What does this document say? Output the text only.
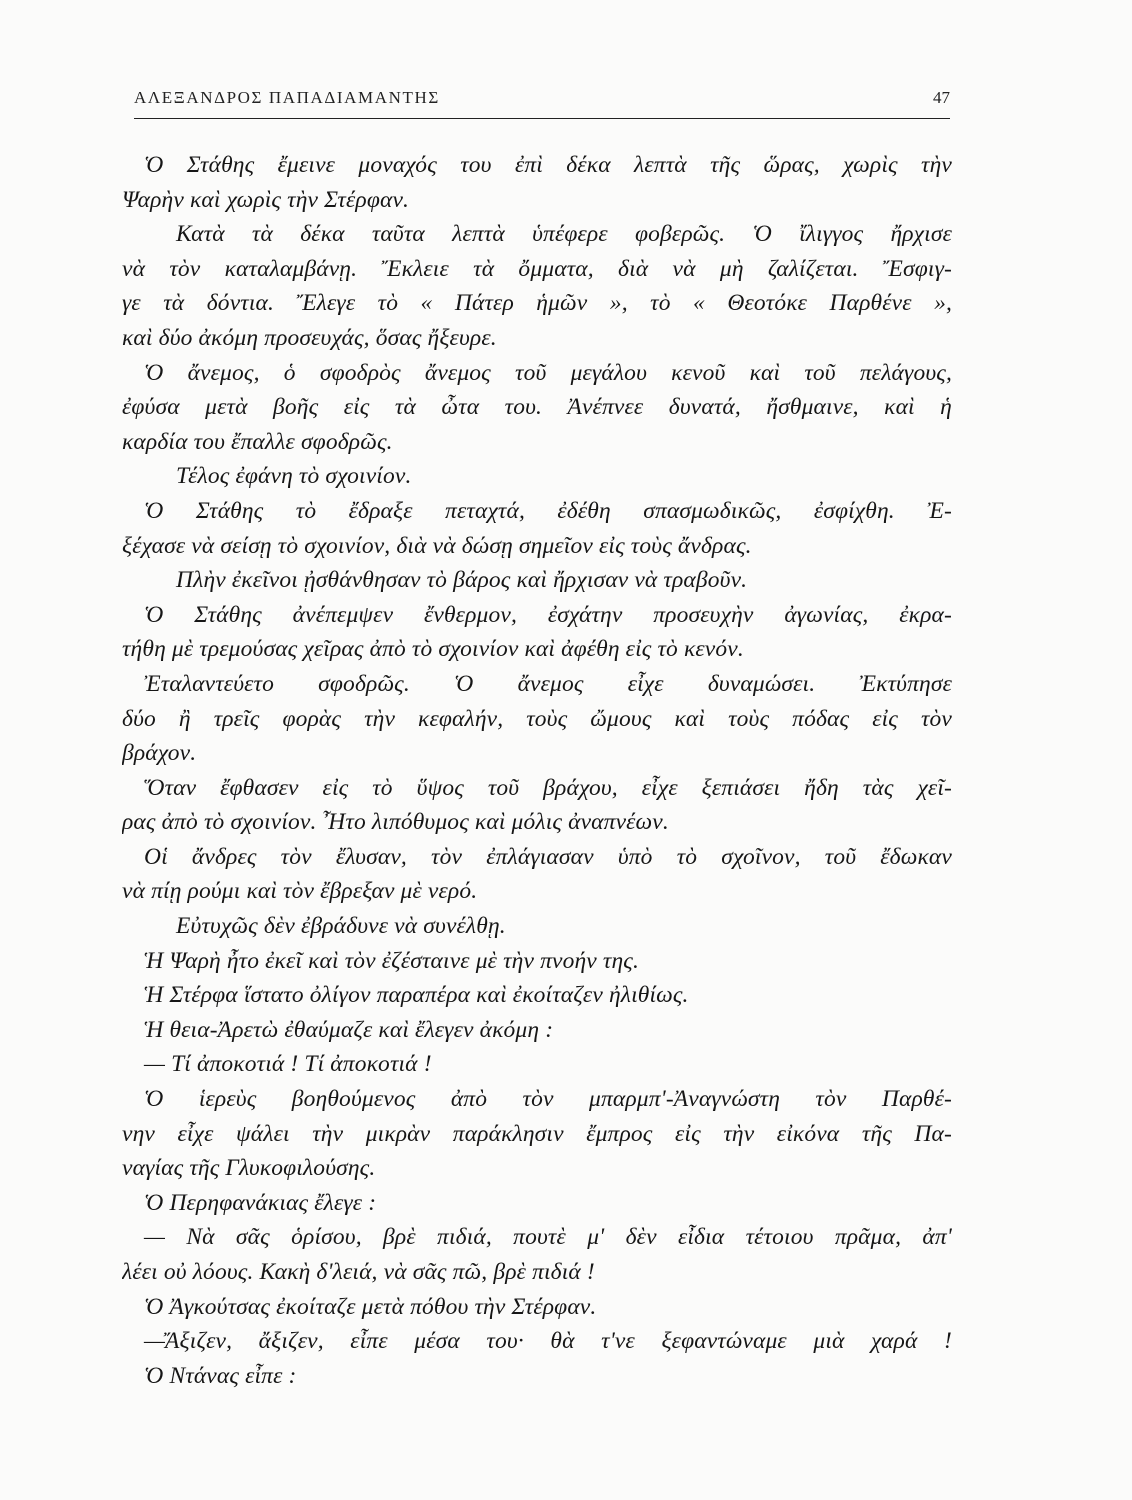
ΑΛΕΞΑΝΔΡΟΣ ΠΑΠΑΔΙΑΜΑΝΤΗΣ	47
Ὁ Στάθης ἔμεινε μοναχός του ἐπὶ δέκα λεπτὰ τῆς ὥρας, χωρὶς τὴν
Ψαρὴν καὶ χωρὶς τὴν Στέρφαν.
Κατὰ τὰ δέκα ταῦτα λεπτὰ ὑπέφερε φοβερῶς. Ὁ ἴλιγγος ἤρχισε
νὰ τὸν καταλαμβάνῃ. Ἔκλειε τὰ ὄμματα, διὰ νὰ μὴ ζαλίζεται. Ἔσφιγ-
γε τὰ δόντια. Ἔλεγε τὸ « Πάτερ ἡμῶν », τὸ « Θεοτόκε Παρθένε »,
καὶ δύο ἀκόμη προσευχάς, ὅσας ἤξευρε.
Ὁ ἄνεμος, ὁ σφοδρὸς ἄνεμος τοῦ μεγάλου κενοῦ καὶ τοῦ πελάγους,
ἐφύσα μετὰ βοῆς εἰς τὰ ὦτα του. Ἀνέπνεε δυνατά, ἤσθμαινε, καὶ ἡ
καρδία του ἔπαλλε σφοδρῶς.
Τέλος ἐφάνη τὸ σχοινίον.
Ὁ Στάθης τὸ ἔδραξε πεταχτά, ἐδέθη σπασμωδικῶς, ἐσφίχθη. Ἐ-
ξέχασε νὰ σείσῃ τὸ σχοινίον, διὰ νὰ δώσῃ σημεῖον εἰς τοὺς ἄνδρας.
Πλὴν ἐκεῖνοι ᾐσθάνθησαν τὸ βάρος καὶ ἤρχισαν νὰ τραβοῦν.
Ὁ Στάθης ἀνέπεμψεν ἔνθερμον, ἐσχάτην προσευχὴν ἀγωνίας, ἐκρα-
τήθη μὲ τρεμούσας χεῖρας ἀπὸ τὸ σχοινίον καὶ ἀφέθη εἰς τὸ κενόν.
Ἐταλαντεύετο σφοδρῶς. Ὁ ἄνεμος εἶχε δυναμώσει. Ἐκτύπησε
δύο ἢ τρεῖς φορὰς τὴν κεφαλήν, τοὺς ὤμους καὶ τοὺς πόδας εἰς τὸν
βράχον.
Ὅταν ἔφθασεν εἰς τὸ ὕψος τοῦ βράχου, εἶχε ξεπιάσει ἤδη τὰς χεῖ-
ρας ἀπὸ τὸ σχοινίον. Ἦτο λιπόθυμος καὶ μόλις ἀναπνέων.
Οἱ ἄνδρες τὸν ἔλυσαν, τὸν ἐπλάγιασαν ὑπὸ τὸ σχοῖνον, τοῦ ἔδωκαν
νὰ πίῃ ρούμι καὶ τὸν ἔβρεξαν μὲ νερό.
Εὐτυχῶς δὲν ἐβράδυνε νὰ συνέλθῃ.
Ἡ Ψαρὴ ἦτο ἐκεῖ καὶ τὸν ἐζέσταινε μὲ τὴν πνοήν της.
Ἡ Στέρφα ἵστατο ὀλίγον παραπέρα καὶ ἐκοίταζεν ἠλιθίως.
Ἡ θεια-Ἀρετὼ ἐθαύμαζε καὶ ἔλεγεν ἀκόμη :
— Τί ἀποκοτιά ! Τί ἀποκοτιά !
Ὁ ἱερεὺς βοηθούμενος ἀπὸ τὸν μπαρμπ'-Ἀναγνώστη τὸν Παρθέ-
νην εἶχε ψάλει τὴν μικρὰν παράκλησιν ἔμπρος εἰς τὴν εἰκόνα τῆς Πα-
ναγίας τῆς Γλυκοφιλούσης.
Ὁ Περηφανάκιας ἔλεγε :
— Νὰ σᾶς ὁρίσου, βρὲ πιδιά, πουτὲ μ' δὲν εἶδια τέτοιου πρᾶμα, ἀπ'
λέει οὐ λόους. Κακὴ δ'λειά, νὰ σᾶς πῶ, βρὲ πιδιά !
Ὁ Ἀγκούτσας ἐκοίταζε μετὰ πόθου τὴν Στέρφαν.
—Ἄξιζεν, ἄξιζεν, εἶπε μέσα του· θὰ τ'νε ξεφαντώναμε μιὰ χαρά !
Ὁ Ντάνας εἶπε :
